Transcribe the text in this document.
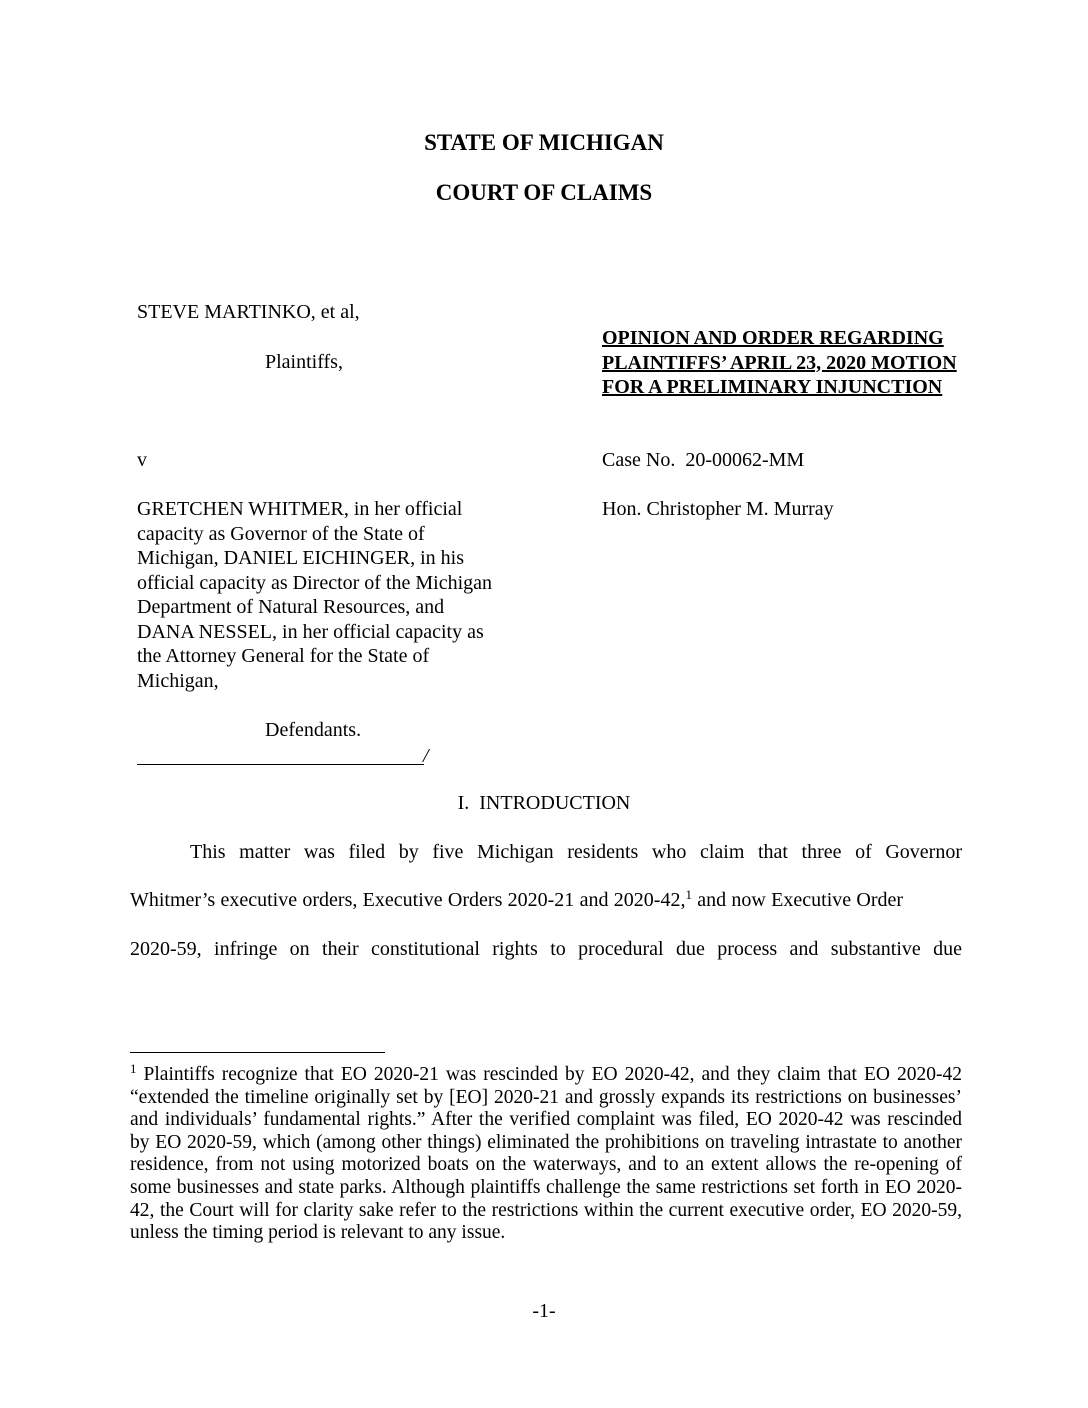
STATE OF MICHIGAN
COURT OF CLAIMS
STEVE MARTINKO, et al,
Plaintiffs,
v
GRETCHEN WHITMER, in her official
capacity as Governor of the State of
Michigan, DANIEL EICHINGER, in his
official capacity as Director of the Michigan
Department of Natural Resources, and
DANA NESSEL, in her official capacity as
the Attorney General for the State of
Michigan,
Defendants.
/
OPINION AND ORDER REGARDING
PLAINTIFFS’ APRIL 23, 2020 MOTION
FOR A PRELIMINARY INJUNCTION
Case No.  20-00062-MM
Hon. Christopher M. Murray
I.  INTRODUCTION
This matter was filed by five Michigan residents who claim that three of Governor
Whitmer’s executive orders, Executive Orders 2020-21 and 2020-42,$^1$ and now Executive Order
2020-59, infringe on their constitutional rights to procedural due process and substantive due
$^1$ Plaintiffs recognize that EO 2020-21 was rescinded by EO 2020-42, and they claim that EO 2020-42 “extended the timeline originally set by [EO] 2020-21 and grossly expands its restrictions on businesses’ and individuals’ fundamental rights.” After the verified complaint was filed, EO 2020-42 was rescinded by EO 2020-59, which (among other things) eliminated the prohibitions on traveling intrastate to another residence, from not using motorized boats on the waterways, and to an extent allows the re-opening of some businesses and state parks. Although plaintiffs challenge the same restrictions set forth in EO 2020-42, the Court will for clarity sake refer to the restrictions within the current executive order, EO 2020-59, unless the timing period is relevant to any issue.
-1-
